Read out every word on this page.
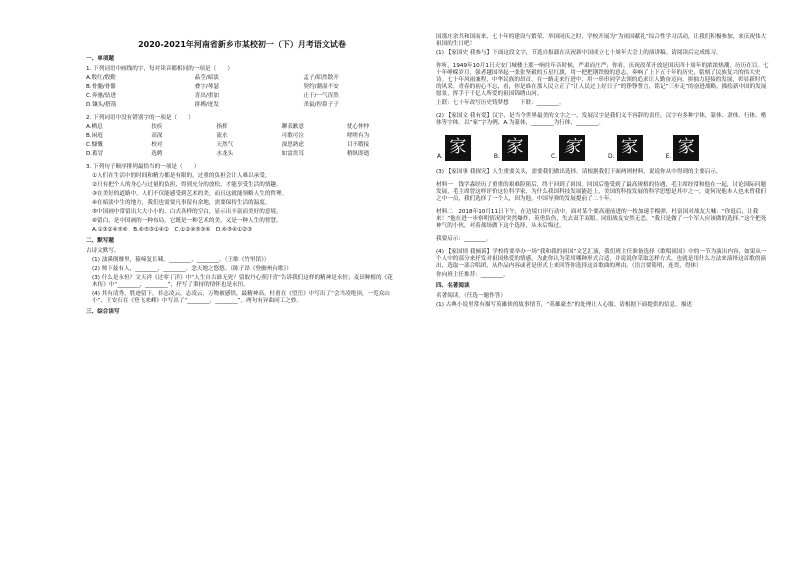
2020-2021年河南省新乡市某校初一（下）月考语文试卷
一、单项题
1. 下列词语中画线的字，每对读音都相同的一项是（　　）
A.殷红/殷勤	晶莹/暗淡	孟子/陌然散开
B.骨髓/骨骼	叠字/琴瑟	契约/潮湿不安
C.奔驰/钻进	喜出/重加	止于/一气浑然
D.镶头/搭箭	拼搏/迸发	杀鼠/捏鼻子子
2. 下列词语中没有错别字的一项是（　　）
A.栖息	扶疾	指挥	聊表歉意	忧心忡忡
B.闲庭	高深	流水	可歌可泣	嗟嗟有为
C.慷慨	校对	天然气	深思熟虑	目不暇接
D.蓄冒	选聘	水龙头	如雷贯耳	稍纵即逝
3. 下列句子顺序排列最恰当的一项是（　　）
①人们在生活中的时间和精力都是有限的，过重的负担会让人难以承受。
②只有把个人的身心与过量的负担，得到充分的放松，才能享受生活的情趣。
③在美好的道路中，人们不仅能感受到艺术的美，而且这就能领略人生的哲理。
④在暗淡中生的地方，我们也需要凡事留有余地，需要保持生活的温度。
⑤中国画中常留出大大小小的、白式各样的空白，显示出丰富而美好的意境。
⑥留白，是中国画的一种布局，它既是一种艺术的美，又是一种人生的智慧。
A.①③②④⑤⑥　B.⑥⑤③①④②　C.①②④⑤③⑥　D.⑥⑤④①②③
二、默写题
古诗文默写。
(1) 浊溪倒靡里，猿啼复长啸。________，________。（王维《竹里馆》）
(2) 帅下兹有人，________，________。念天地之悠悠。（陈子昂《登幽州台歌》）
(3) 什么是永恒？文天祥《过零丁洋》中“人生自古谁无死？留取丹心照汗青”告诉我们这样的精神是永恒；麦田种植的《花木传》中“________，________”，抒写了秉持的情怀也是永恒。
(4) 其有清秀，胜迹留下，非志凌云，志凌云，万物被感悟，最精神高。杜甫在《望岳》中写出了“会当凌绝顶，一览众山小”，王安石在《登飞来峰》中写出了“________，________”。两句有异曲同工之妙。
三、综合读写
国那庄余共和国而来，七十年的建设与繁荣。举国同庆之时，学校开展为“为祖国献礼”综合性学习活动，让我们积极参加，来庆祝伟大祖国的生日吧！
(1) 【家国史 我参与】下面这段文字，节选自报载在庆祝新中国成立七十周年大会上的演讲稿。请阅读后完成练习。
你听，1949年10月1日天安门城楼上那一响往年音时候，严肃而庄严；你看，庆祝改革开放是国庆四十周年的浓浓热潮，历历在目。七十年峥嵘岁月，强者越国举起一张张坚毅的五星红旗，用一把把钢铁般的意志，奏响了上下五千年的历史，铭刻了民族复兴的伟大史诗。七十年风雨兼程，中华民族的昂首，在一路走来行进中，用一串串同学去领的追求让人勤奋迈向，拼抽力迎接的发展，彰显新时代的风采。青春的初心不忘，看，你是谁在那人民立正了“让人民过上好日子”的铮铮誓言，铭记“三步走”的奋进战略，描绘新中国的发展愿景，挥手于千亿人所爱的祖国锦绣山河。
上联：七十年改写历史铸梦想　　下联：________。
(2) 【家国文 我有爱】汉字，是当今世界最美的文字之一，发展汉字是我们义不容辞的责任。汉字有多种字体，篆体、隶体、行体、楷体等字体。以“家”字为例，A.为篆体，________为行体，________。
A. 家	B. 家	C. 家	D. 家	E. 家
(3) 【家国事 我探究】人生重要关头，需要我们做出选择。请根据我们下面两则材料，说说你从中得到的主要启示。
材料一　钱学森经历了重重的艰难险阻后，终于回到了祖国。回国后他受到了最高规格的待遇，毛主席经常和他在一起，讨论国际问题发展，毛主席曾这样评价这位科学家，为什么我国科技发展能赶上，美国的科技发展的科学思想是其中之一，更何况他本人也未曾我们之中一员，我们选择了一个人，因为他，中国导弹的发展提前了二十年。
材料二　2018年10月11日下午，在边境口岸行动中，面对某个要高速前进的一枚加速手榴弹，杜富国对战友大喊：“你退后，让我来！”他在进一步察明情况时突然爆炸，英勇负伤，失去双手双眼。同组战友安然无恙，“我只是做了一个军人应该做的选择。”这个把死神气的小伙，对着战场做下这个选择，从未后悔过。
我要启示：________。
(4) 【家国情 我倾诉】学校将要举办一场“我和我的祖国”文艺汇演，我们班主任准备选择《歌唱祖国》中的一节为演出内容，如果从一个人中的部分来抒发对祖国热爱的情感，为此你认为采用哪种形式合适，并说说你采取怎样方式，也就是用什么方法来演绎这首歌的演出，选取一部合唱团，从作品内容或者是形式上来回答你选择这首歌曲的理由。（语言要简明，连贯，得体）
你向班主任推荐：________。
四、名著阅读
名著阅读。（任选一题作答）
(1) 古典小说里常有描写英雄侠的故事情节，“英雄豪杰”的处理让人心服。请根据下面提供的信息，描述
